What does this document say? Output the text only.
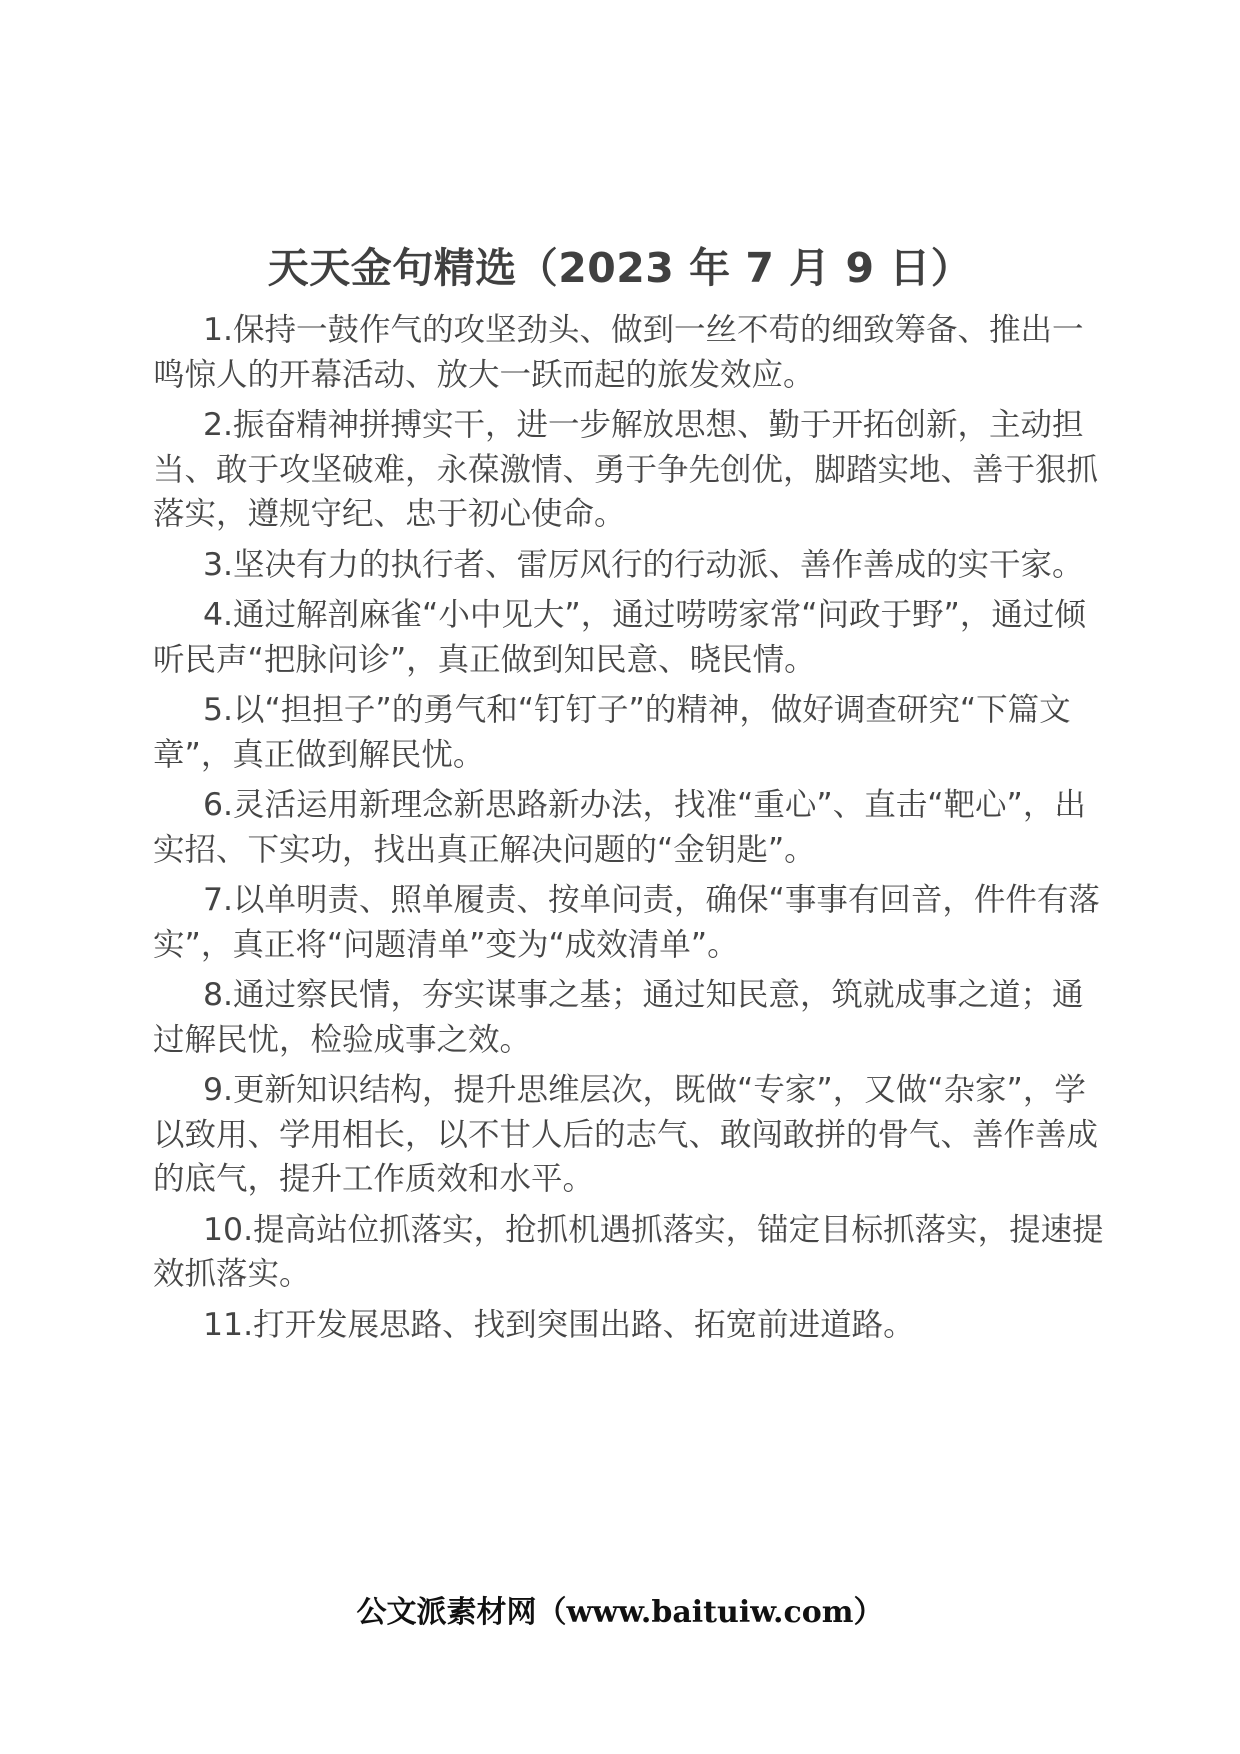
天天金句精选（2023 年 7 月 9 日）

1.保持一鼓作气的攻坚劲头、做到一丝不苟的细致筹备、推出一鸣惊人的开幕活动、放大一跃而起的旅发效应。

2.振奋精神拼搏实干，进一步解放思想、勤于开拓创新，主动担当、敢于攻坚破难，永葆激情、勇于争先创优，脚踏实地、善于狠抓落实，遵规守纪、忠于初心使命。

3.坚决有力的执行者、雷厉风行的行动派、善作善成的实干家。

4.通过解剖麻雀“小中见大”，通过唠唠家常“问政于野”，通过倾听民声“把脉问诊”，真正做到知民意、晓民情。

5.以“担担子”的勇气和“钉钉子”的精神，做好调查研究“下篇文章”，真正做到解民忧。

6.灵活运用新理念新思路新办法，找准“重心”、直击“靶心”，出实招、下实功，找出真正解决问题的“金钥匙”。

7.以单明责、照单履责、按单问责，确保“事事有回音，件件有落实”，真正将“问题清单”变为“成效清单”。

8.通过察民情，夯实谋事之基；通过知民意，筑就成事之道；通过解民忧，检验成事之效。

9.更新知识结构，提升思维层次，既做“专家”，又做“杂家”，学以致用、学用相长，以不甘人后的志气、敢闯敢拼的骨气、善作善成的底气，提升工作质效和水平。

10.提高站位抓落实，抢抓机遇抓落实，锚定目标抓落实，提速提效抓落实。

11.打开发展思路、找到突围出路、拓宽前进道路。

公文派素材网（www.baituiw.com）
